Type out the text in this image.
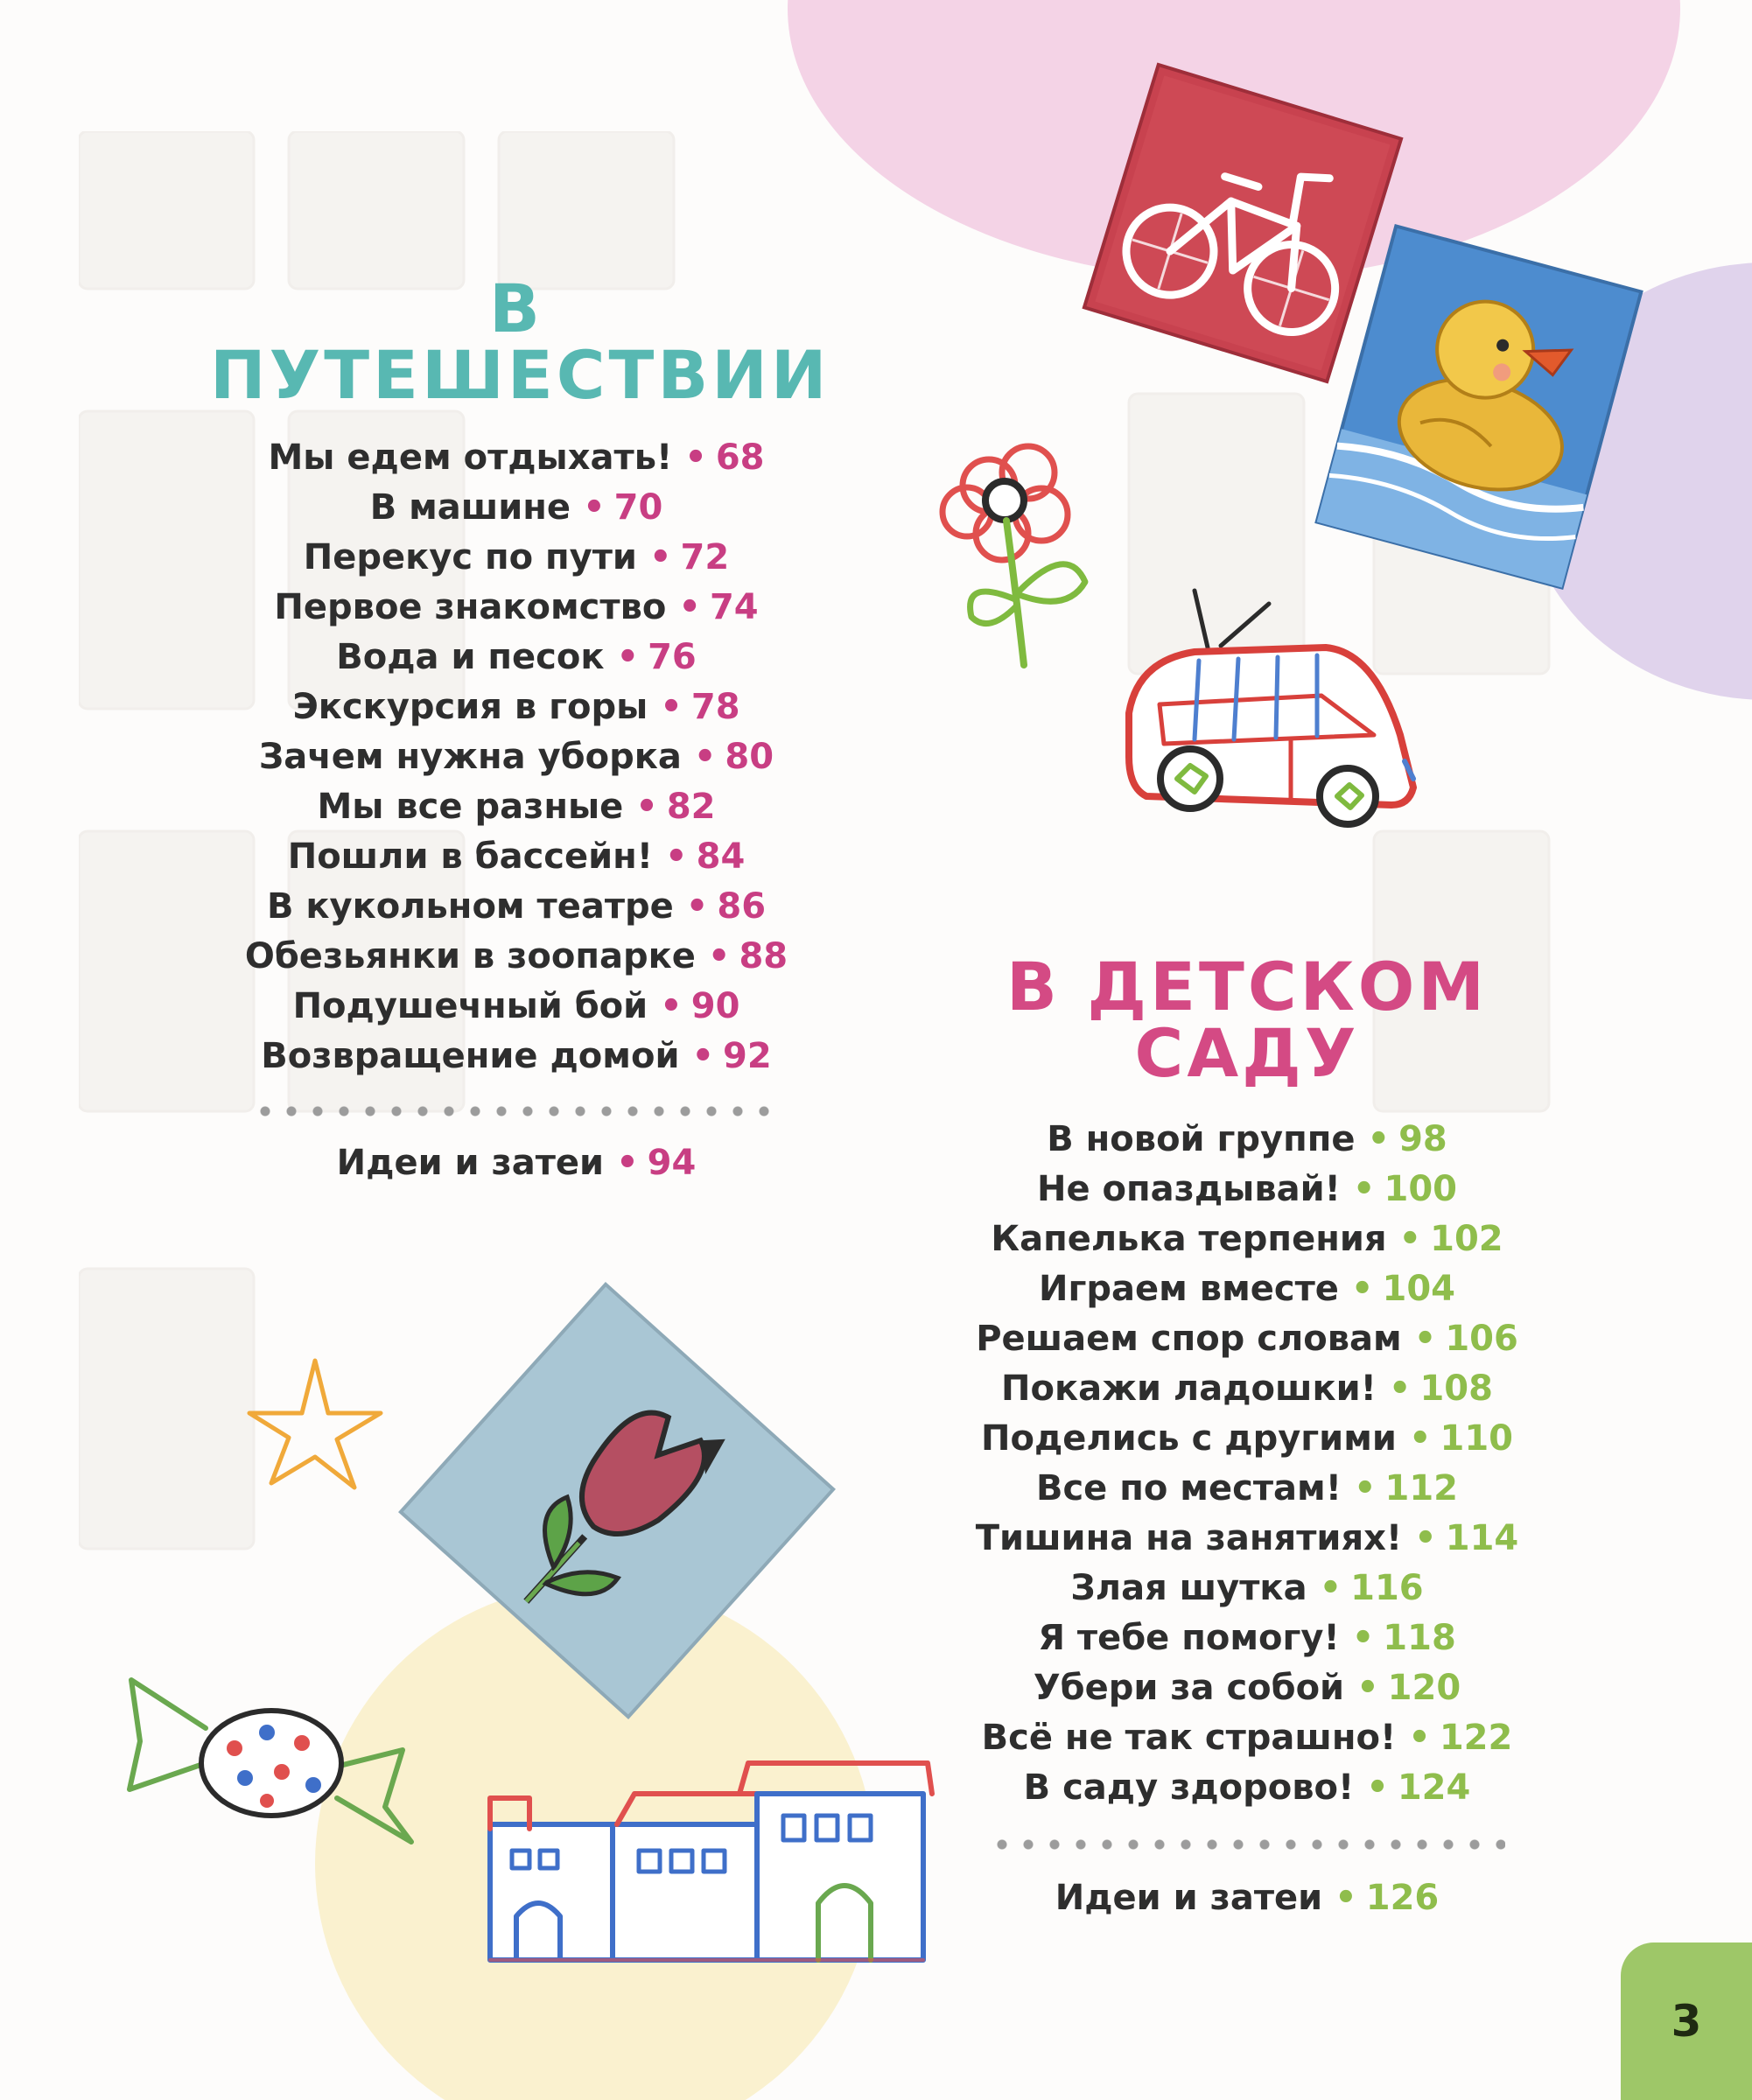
В ПУТЕШЕСТВИИ
Мы едем отдыхать! • 68
В машине • 70
Перекус по пути • 72
Первое знакомство • 74
Вода и песок • 76
Экскурсия в горы • 78
Зачем нужна уборка • 80
Мы все разные • 82
Пошли в бассейн! • 84
В кукольном театре • 86
Обезьянки в зоопарке • 88
Подушечный бой • 90
Возвращение домой • 92
Идеи и затеи • 94
В ДЕТСКОМ САДУ
В новой группе • 98
Не опаздывай! • 100
Капелька терпения • 102
Играем вместе • 104
Решаем спор словам • 106
Покажи ладошки! • 108
Поделись с другими • 110
Все по местам! • 112
Тишина на занятиях! • 114
Злая шутка • 116
Я тебе помогу! • 118
Убери за собой • 120
Всё не так страшно! • 122
В саду здорово! • 124
Идеи и затеи • 126
3
